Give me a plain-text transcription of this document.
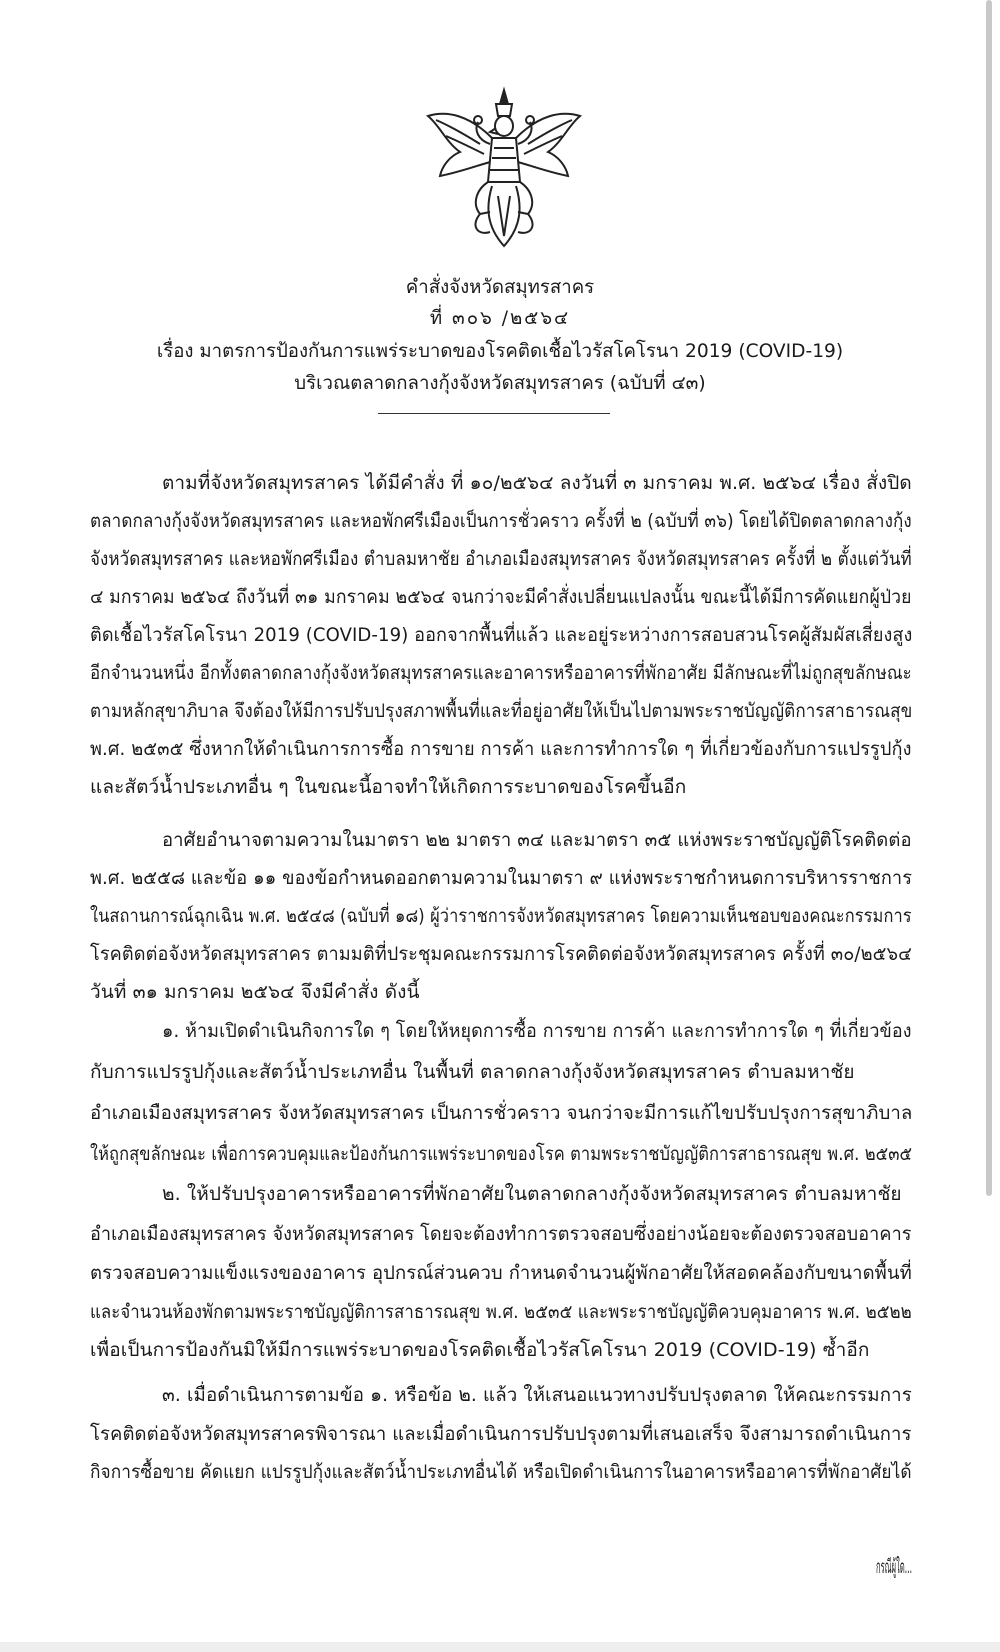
คำสั่งจังหวัดสมุทรสาคร
ที่ ๓๐๖ /๒๕๖๔
เรื่อง มาตรการป้องกันการแพร่ระบาดของโรคติดเชื้อไวรัสโคโรนา 2019 (COVID-19)
บริเวณตลาดกลางกุ้งจังหวัดสมุทรสาคร (ฉบับที่ ๔๓)
ตามที่จังหวัดสมุทรสาคร ได้มีคำสั่ง ที่ ๑๐/๒๕๖๔ ลงวันที่ ๓ มกราคม พ.ศ. ๒๕๖๔ เรื่อง สั่งปิด
ตลาดกลางกุ้งจังหวัดสมุทรสาคร และหอพักศรีเมืองเป็นการชั่วคราว ครั้งที่ ๒ (ฉบับที่ ๓๖) โดยได้ปิดตลาดกลางกุ้ง
จังหวัดสมุทรสาคร และหอพักศรีเมือง ตำบลมหาชัย อำเภอเมืองสมุทรสาคร จังหวัดสมุทรสาคร ครั้งที่ ๒ ตั้งแต่วันที่
๔ มกราคม ๒๕๖๔ ถึงวันที่ ๓๑ มกราคม ๒๕๖๔ จนกว่าจะมีคำสั่งเปลี่ยนแปลงนั้น ขณะนี้ได้มีการคัดแยกผู้ป่วย
ติดเชื้อไวรัสโคโรนา 2019 (COVID-19) ออกจากพื้นที่แล้ว และอยู่ระหว่างการสอบสวนโรคผู้สัมผัสเสี่ยงสูง
อีกจำนวนหนึ่ง อีกทั้งตลาดกลางกุ้งจังหวัดสมุทรสาครและอาคารหรืออาคารที่พักอาศัย มีลักษณะที่ไม่ถูกสุขลักษณะ
ตามหลักสุขาภิบาล จึงต้องให้มีการปรับปรุงสภาพพื้นที่และที่อยู่อาศัยให้เป็นไปตามพระราชบัญญัติการสาธารณสุข
พ.ศ. ๒๕๓๕ ซึ่งหากให้ดำเนินการการซื้อ การขาย การค้า และการทำการใด ๆ ที่เกี่ยวข้องกับการแปรรูปกุ้ง
และสัตว์น้ำประเภทอื่น ๆ ในขณะนี้อาจทำให้เกิดการระบาดของโรคขึ้นอีก
อาศัยอำนาจตามความในมาตรา ๒๒ มาตรา ๓๔ และมาตรา ๓๕ แห่งพระราชบัญญัติโรคติดต่อ
พ.ศ. ๒๕๕๘ และข้อ ๑๑ ของข้อกำหนดออกตามความในมาตรา ๙ แห่งพระราชกำหนดการบริหารราชการ
ในสถานการณ์ฉุกเฉิน พ.ศ. ๒๕๔๘ (ฉบับที่ ๑๘) ผู้ว่าราชการจังหวัดสมุทรสาคร โดยความเห็นชอบของคณะกรรมการ
โรคติดต่อจังหวัดสมุทรสาคร ตามมติที่ประชุมคณะกรรมการโรคติดต่อจังหวัดสมุทรสาคร ครั้งที่ ๓๐/๒๕๖๔
วันที่ ๓๑ มกราคม ๒๕๖๔ จึงมีคำสั่ง ดังนี้
๑. ห้ามเปิดดำเนินกิจการใด ๆ โดยให้หยุดการซื้อ การขาย การค้า และการทำการใด ๆ ที่เกี่ยวข้อง
กับการแปรรูปกุ้งและสัตว์น้ำประเภทอื่น ในพื้นที่ ตลาดกลางกุ้งจังหวัดสมุทรสาคร ตำบลมหาชัย
อำเภอเมืองสมุทรสาคร จังหวัดสมุทรสาคร เป็นการชั่วคราว จนกว่าจะมีการแก้ไขปรับปรุงการสุขาภิบาล
ให้ถูกสุขลักษณะ เพื่อการควบคุมและป้องกันการแพร่ระบาดของโรค ตามพระราชบัญญัติการสาธารณสุข พ.ศ. ๒๕๓๕
๒. ให้ปรับปรุงอาคารหรืออาคารที่พักอาศัยในตลาดกลางกุ้งจังหวัดสมุทรสาคร ตำบลมหาชัย
อำเภอเมืองสมุทรสาคร จังหวัดสมุทรสาคร โดยจะต้องทำการตรวจสอบซึ่งอย่างน้อยจะต้องตรวจสอบอาคาร
ตรวจสอบความแข็งแรงของอาคาร อุปกรณ์ส่วนควบ กำหนดจำนวนผู้พักอาศัยให้สอดคล้องกับขนาดพื้นที่
และจำนวนห้องพักตามพระราชบัญญัติการสาธารณสุข พ.ศ. ๒๕๓๕ และพระราชบัญญัติควบคุมอาคาร พ.ศ. ๒๕๒๒
เพื่อเป็นการป้องกันมิให้มีการแพร่ระบาดของโรคติดเชื้อไวรัสโคโรนา 2019 (COVID-19) ซ้ำอีก
๓. เมื่อดำเนินการตามข้อ ๑. หรือข้อ ๒. แล้ว ให้เสนอแนวทางปรับปรุงตลาด ให้คณะกรรมการ
โรคติดต่อจังหวัดสมุทรสาครพิจารณา และเมื่อดำเนินการปรับปรุงตามที่เสนอเสร็จ จึงสามารถดำเนินการ
กิจการซื้อขาย คัดแยก แปรรูปกุ้งและสัตว์น้ำประเภทอื่นได้ หรือเปิดดำเนินการในอาคารหรืออาคารที่พักอาศัยได้
กรณีผู้ใด...
